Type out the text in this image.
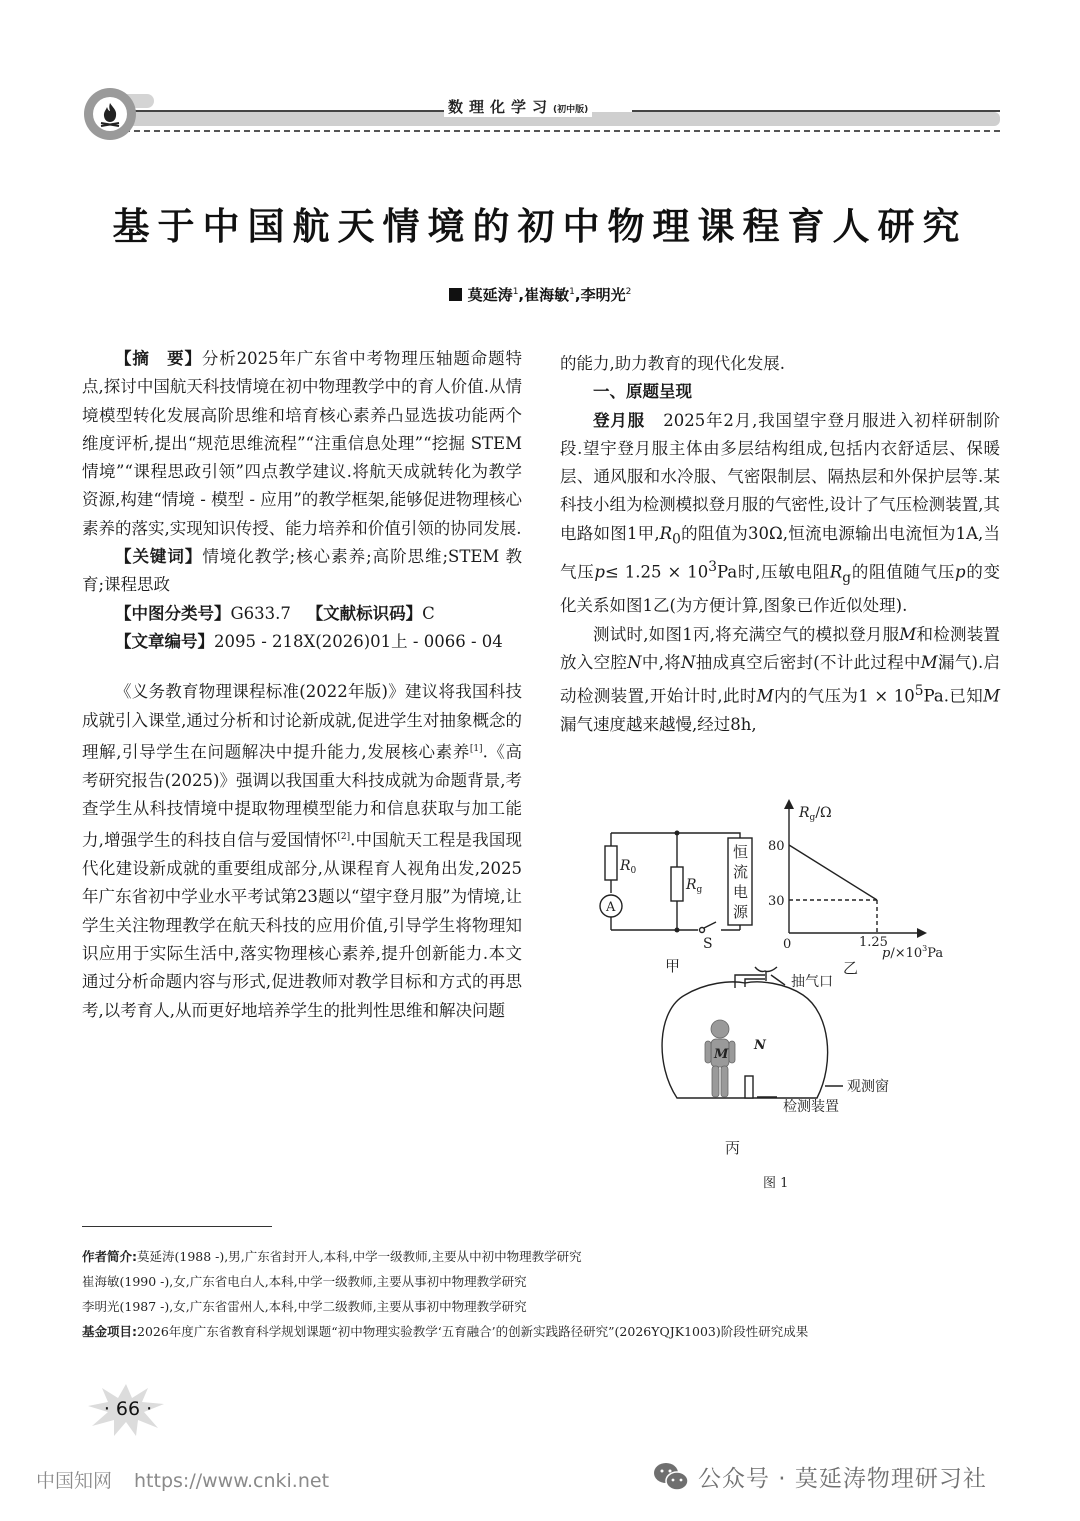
数理化学习(初中版)
基于中国航天情境的初中物理课程育人研究
莫延涛$^1$,崔海敏$^1$,李明光$^2$

【摘　要】分析2025年广东省中考物理压轴题命题特点,探讨中国航天科技情境在初中物理教学中的育人价值.从情境模型转化发展高阶思维和培育核心素养凸显选拔功能两个维度评析,提出“规范思维流程”“注重信息处理”“挖掘 STEM 情境”“课程思政引领”四点教学建议.将航天成就转化为教学资源,构建“情境 - 模型 - 应用”的教学框架,能够促进物理核心素养的落实,实现知识传授、能力培养和价值引领的协同发展.

【关键词】情境化教学;核心素养;高阶思维;STEM 教育;课程思政

【中图分类号】G633.7 【文献标识码】C

【文章编号】2095 - 218X(2026)01上 - 0066 - 04

《义务教育物理课程标准(2022年版)》建议将我国科技成就引入课堂,通过分析和讨论新成就,促进学生对抽象概念的理解,引导学生在问题解决中提升能力,发展核心素养[1].《高考研究报告(2025)》强调以我国重大科技成就为命题背景,考查学生从科技情境中提取物理模型能力和信息获取与加工能力,增强学生的科技自信与爱国情怀[2].中国航天工程是我国现代化建设新成就的重要组成部分,从课程育人视角出发,2025年广东省初中学业水平考试第23题以“望宇登月服”为情境,让学生关注物理教学在航天科技的应用价值,引导学生将物理知识应用于实际生活中,落实物理核心素养,提升创新能力.本文通过分析命题内容与形式,促进教师对教学目标和方式的再思考,以考育人,从而更好地培养学生的批判性思维和解决问题

的能力,助力教育的现代化发展.

一、原题呈现

登月服 2025年2月,我国望宇登月服进入初样研制阶段.望宇登月服主体由多层结构组成,包括内衣舒适层、保暖层、通风服和水冷服、气密限制层、隔热层和外保护层等.某科技小组为检测模拟登月服的气密性,设计了气压检测装置,其电路如图1甲$,R_0$的阻值为30Ω,恒流电源输出电流恒为1A,当气压$p\le 1.25 \times 10^3Pa$时,压敏电阻$R_g$的阻值随气压p的变化关系如图1乙(为方便计算,图象已作近似处理).

测试时,如图1丙,将充满空气的模拟登月服M和检测装置放入空腔N中,将N抽成真空后密封(不计此过程中M漏气).启动检测装置,开始计时,此时M内的气压为$1 \times 10^5Pa$.已知M漏气速度越来越慢,经过8h,

$R_0$
A
$R_g$
S
恒
流
电
源
甲
$R_g/\Omega$
80
30
0	1.25
$p/\times 10^3Pa$
乙
M
N
抽气口
观测窗
检测装置
丙
图 1
作者简介:莫延涛(1988 -),男,广东省封开人,本科,中学一级教师,主要从中初中物理教学研究
崔海敏(1990 -),女,广东省电白人,本科,中学一级教师,主要从事初中物理教学研究
李明光(1987 -),女,广东省雷州人,本科,中学二级教师,主要从事初中物理教学研究
基金项目:2026年度广东省教育科学规划课题“初中物理实验教学‘五育融合’的创新实践路径研究”(2026YQJK1003)阶段性研究成果
· 66 ·
中国知网 https://www.cnki.net	公众号 · 莫延涛物理研习社
